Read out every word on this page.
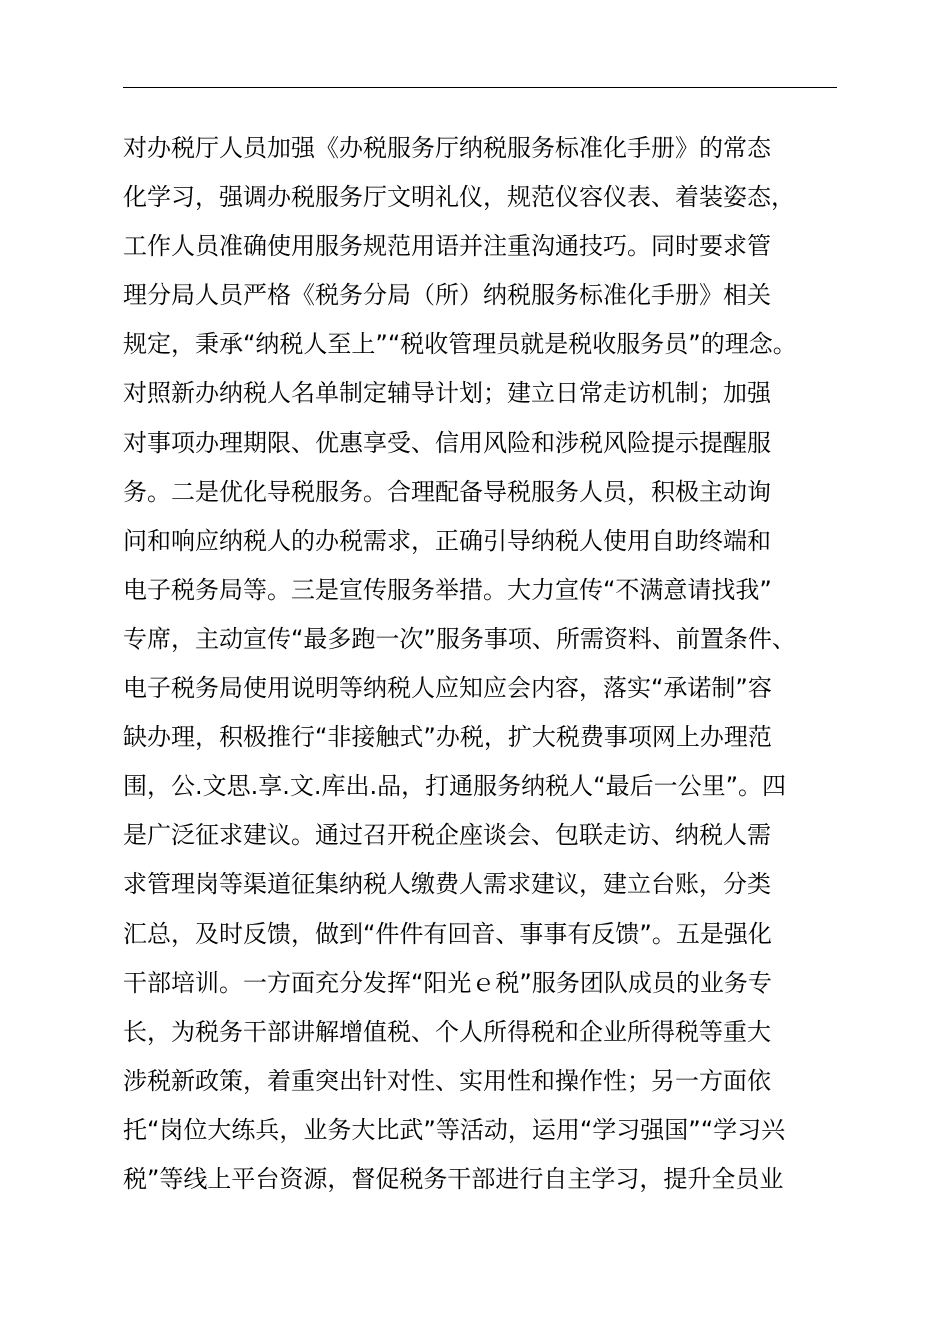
对办税厅人员加强《办税服务厅纳税服务标准化手册》的常态
化学习，强调办税服务厅文明礼仪，规范仪容仪表、着装姿态，
工作人员准确使用服务规范用语并注重沟通技巧。同时要求管
理分局人员严格《税务分局（所）纳税服务标准化手册》相关
规定，秉承“纳税人至上”“税收管理员就是税收服务员”的理念。
对照新办纳税人名单制定辅导计划；建立日常走访机制；加强
对事项办理期限、优惠享受、信用风险和涉税风险提示提醒服
务。二是优化导税服务。合理配备导税服务人员，积极主动询
问和响应纳税人的办税需求，正确引导纳税人使用自助终端和
电子税务局等。三是宣传服务举措。大力宣传“不满意请找我”
专席，主动宣传“最多跑一次”服务事项、所需资料、前置条件、
电子税务局使用说明等纳税人应知应会内容，落实“承诺制”容
缺办理，积极推行“非接触式”办税，扩大税费事项网上办理范
围，公.文思.享.文.库出.品，打通服务纳税人“最后一公里”。四
是广泛征求建议。通过召开税企座谈会、包联走访、纳税人需
求管理岗等渠道征集纳税人缴费人需求建议，建立台账，分类
汇总，及时反馈，做到“件件有回音、事事有反馈”。五是强化
干部培训。一方面充分发挥“阳光ｅ税”服务团队成员的业务专
长，为税务干部讲解增值税、个人所得税和企业所得税等重大
涉税新政策，着重突出针对性、实用性和操作性；另一方面依
托“岗位大练兵，业务大比武”等活动，运用“学习强国”“学习兴
税”等线上平台资源，督促税务干部进行自主学习，提升全员业
